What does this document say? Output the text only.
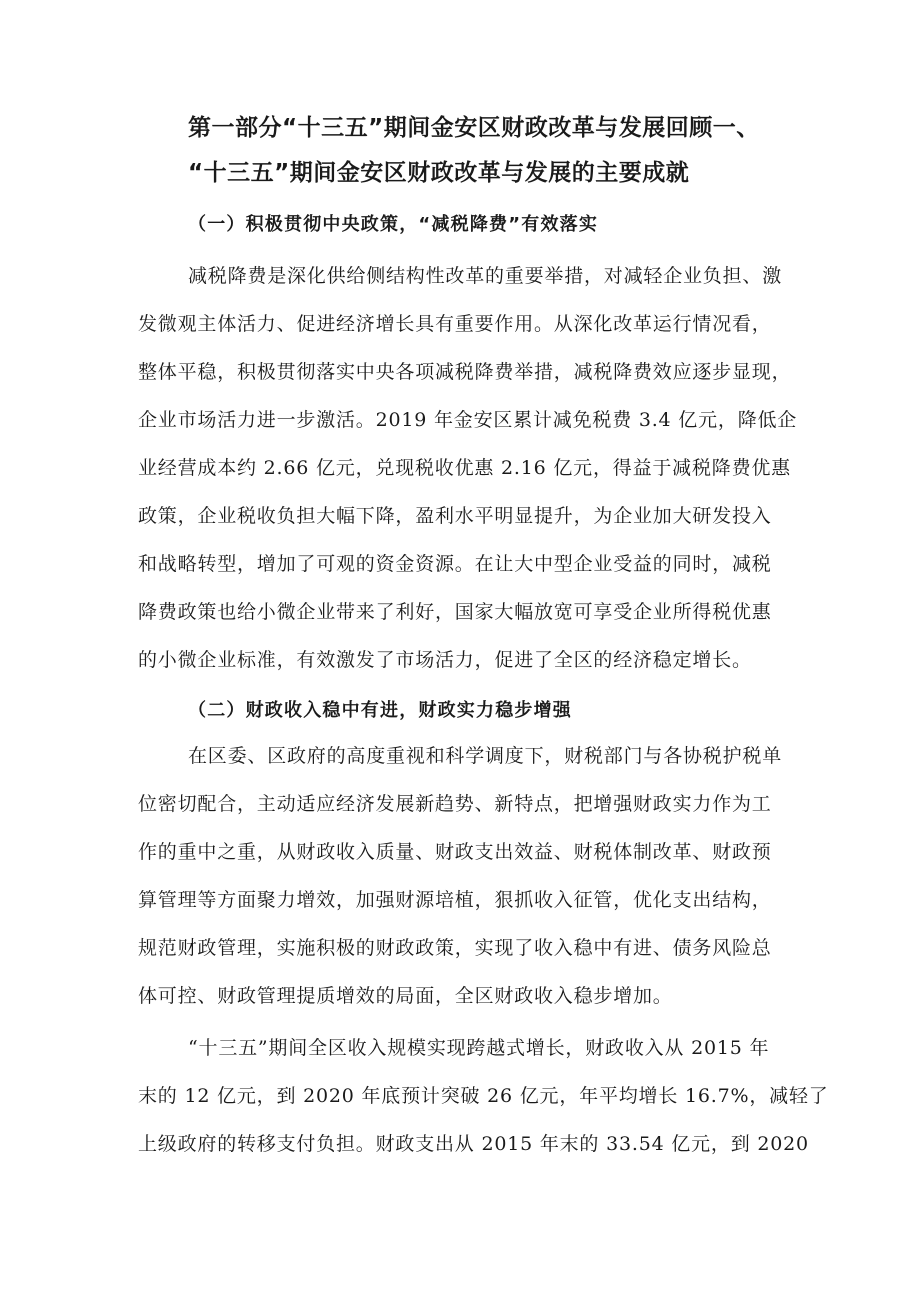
第一部分“十三五”期间金安区财政改革与发展回顾一、
“十三五”期间金安区财政改革与发展的主要成就
（一）积极贯彻中央政策，“减税降费”有效落实
减税降费是深化供给侧结构性改革的重要举措，对减轻企业负担、激
发微观主体活力、促进经济增长具有重要作用。从深化改革运行情况看，
整体平稳，积极贯彻落实中央各项减税降费举措，减税降费效应逐步显现，
企业市场活力进一步激活。2019 年金安区累计减免税费 3.4 亿元，降低企
业经营成本约 2.66 亿元，兑现税收优惠 2.16 亿元，得益于减税降费优惠
政策，企业税收负担大幅下降，盈利水平明显提升，为企业加大研发投入
和战略转型，增加了可观的资金资源。在让大中型企业受益的同时，减税
降费政策也给小微企业带来了利好，国家大幅放宽可享受企业所得税优惠
的小微企业标准，有效激发了市场活力，促进了全区的经济稳定增长。
（二）财政收入稳中有进，财政实力稳步增强
在区委、区政府的高度重视和科学调度下，财税部门与各协税护税单
位密切配合，主动适应经济发展新趋势、新特点，把增强财政实力作为工
作的重中之重，从财政收入质量、财政支出效益、财税体制改革、财政预
算管理等方面聚力增效，加强财源培植，狠抓收入征管，优化支出结构，
规范财政管理，实施积极的财政政策，实现了收入稳中有进、债务风险总
体可控、财政管理提质增效的局面，全区财政收入稳步增加。
“十三五”期间全区收入规模实现跨越式增长，财政收入从 2015 年
末的 12 亿元，到 2020 年底预计突破 26 亿元，年平均增长 16.7%，减轻了
上级政府的转移支付负担。财政支出从 2015 年末的 33.54 亿元，到 2020
